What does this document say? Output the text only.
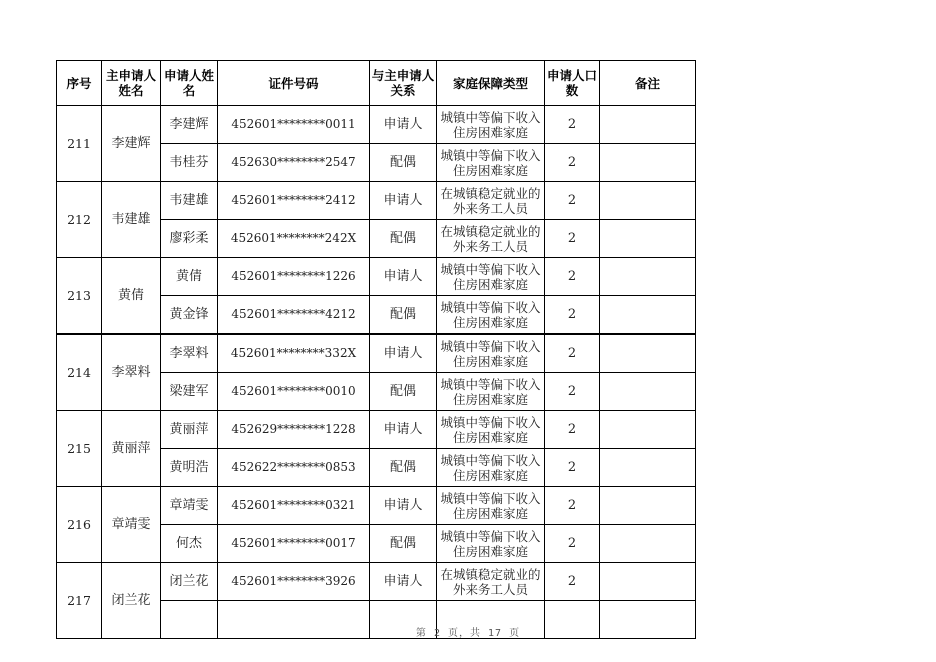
序号	主申请人姓名	申请人姓名	证件号码	与主申请人关系	家庭保障类型	申请人口数	备注
211	李建辉	李建辉	452601********0011	申请人	城镇中等偏下收入住房困难家庭	2	
		韦桂芬	452630********2547	配偶	城镇中等偏下收入住房困难家庭	2	
212	韦建雄	韦建雄	452601********2412	申请人	在城镇稳定就业的外来务工人员	2	
		廖彩柔	452601********242X	配偶	在城镇稳定就业的外来务工人员	2	
213	黄倩	黄倩	452601********1226	申请人	城镇中等偏下收入住房困难家庭	2	
		黄金锋	452601********4212	配偶	城镇中等偏下收入住房困难家庭	2	
214	李翠料	李翠料	452601********332X	申请人	城镇中等偏下收入住房困难家庭	2	
		梁建军	452601********0010	配偶	城镇中等偏下收入住房困难家庭	2	
215	黄丽萍	黄丽萍	452629********1228	申请人	城镇中等偏下收入住房困难家庭	2	
		黄明浩	452622********0853	配偶	城镇中等偏下收入住房困难家庭	2	
216	章靖雯	章靖雯	452601********0321	申请人	城镇中等偏下收入住房困难家庭	2	
		何杰	452601********0017	配偶	城镇中等偏下收入住房困难家庭	2	
217	闭兰花	闭兰花	452601********3926	申请人	在城镇稳定就业的外来务工人员	2	

第 2 页，共 17 页
